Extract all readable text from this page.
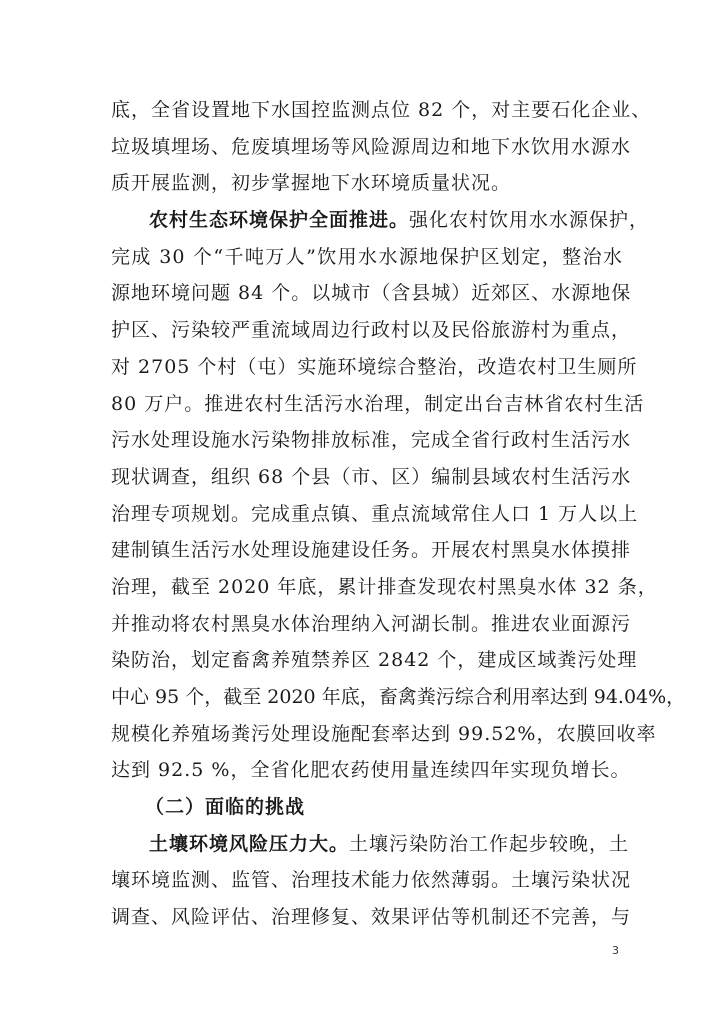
底，全省设置地下水国控监测点位 82 个，对主要石化企业、
垃圾填埋场、危废填埋场等风险源周边和地下水饮用水源水
质开展监测，初步掌握地下水环境质量状况。
农村生态环境保护全面推进。强化农村饮用水水源保护，
完成 30 个“千吨万人”饮用水水源地保护区划定，整治水
源地环境问题 84 个。以城市（含县城）近郊区、水源地保
护区、污染较严重流域周边行政村以及民俗旅游村为重点，
对 2705 个村（屯）实施环境综合整治，改造农村卫生厕所
80 万户。推进农村生活污水治理，制定出台吉林省农村生活
污水处理设施水污染物排放标准，完成全省行政村生活污水
现状调查，组织 68 个县（市、区）编制县域农村生活污水
治理专项规划。完成重点镇、重点流域常住人口 1 万人以上
建制镇生活污水处理设施建设任务。开展农村黑臭水体摸排
治理，截至 2020 年底，累计排查发现农村黑臭水体 32 条，
并推动将农村黑臭水体治理纳入河湖长制。推进农业面源污
染防治，划定畜禽养殖禁养区 2842 个，建成区域粪污处理
中心 95 个，截至 2020 年底，畜禽粪污综合利用率达到 94.04%，
规模化养殖场粪污处理设施配套率达到 99.52%，农膜回收率
达到 92.5 %，全省化肥农药使用量连续四年实现负增长。
（二）面临的挑战
土壤环境风险压力大。土壤污染防治工作起步较晚，土
壤环境监测、监管、治理技术能力依然薄弱。土壤污染状况
调查、风险评估、治理修复、效果评估等机制还不完善，与
3
